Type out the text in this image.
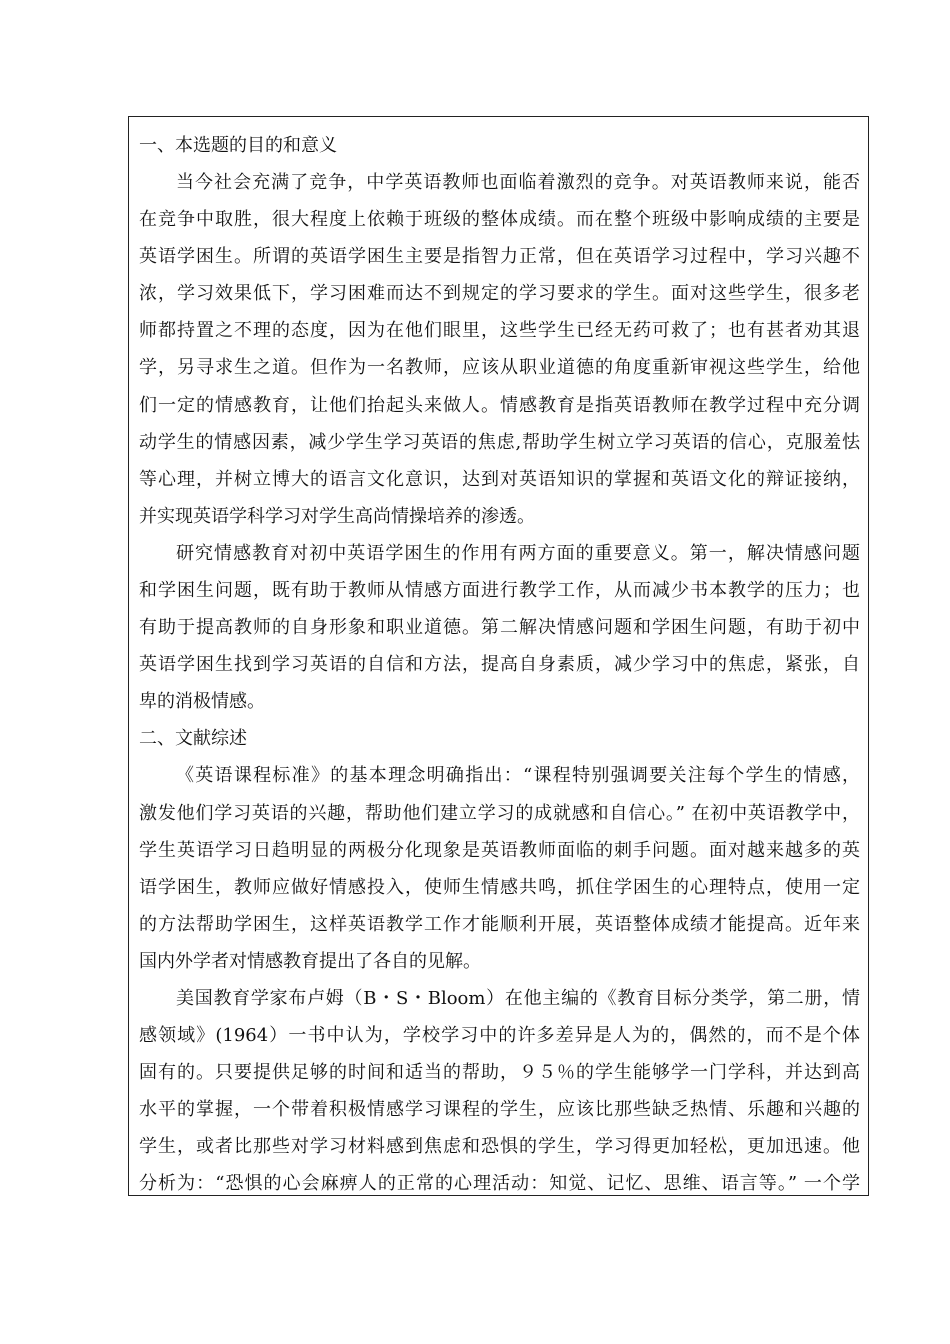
一、本选题的目的和意义
当今社会充满了竞争，中学英语教师也面临着激烈的竞争。对英语教师来说，能否
在竞争中取胜，很大程度上依赖于班级的整体成绩。而在整个班级中影响成绩的主要是
英语学困生。所谓的英语学困生主要是指智力正常，但在英语学习过程中，学习兴趣不
浓，学习效果低下，学习困难而达不到规定的学习要求的学生。面对这些学生，很多老
师都持置之不理的态度，因为在他们眼里，这些学生已经无药可救了；也有甚者劝其退
学，另寻求生之道。但作为一名教师，应该从职业道德的角度重新审视这些学生，给他
们一定的情感教育，让他们抬起头来做人。情感教育是指英语教师在教学过程中充分调
动学生的情感因素，减少学生学习英语的焦虑,帮助学生树立学习英语的信心，克服羞怯
等心理，并树立博大的语言文化意识，达到对英语知识的掌握和英语文化的辩证接纳，
并实现英语学科学习对学生高尚情操培养的渗透。
研究情感教育对初中英语学困生的作用有两方面的重要意义。第一，解决情感问题
和学困生问题，既有助于教师从情感方面进行教学工作，从而减少书本教学的压力；也
有助于提高教师的自身形象和职业道德。第二解决情感问题和学困生问题，有助于初中
英语学困生找到学习英语的自信和方法，提高自身素质，减少学习中的焦虑，紧张，自
卑的消极情感。
二、文献综述
《英语课程标准》的基本理念明确指出：“课程特别强调要关注每个学生的情感，
激发他们学习英语的兴趣，帮助他们建立学习的成就感和自信心。” 在初中英语教学中，
学生英语学习日趋明显的两极分化现象是英语教师面临的刺手问题。面对越来越多的英
语学困生，教师应做好情感投入，使师生情感共鸣，抓住学困生的心理特点，使用一定
的方法帮助学困生，这样英语教学工作才能顺利开展，英语整体成绩才能提高。近年来
国内外学者对情感教育提出了各自的见解。
美国教育学家布卢姆（B・S・Bloom）在他主编的《教育目标分类学，第二册，情
感领域》(1964）一书中认为，学校学习中的许多差异是人为的，偶然的，而不是个体
固有的。只要提供足够的时间和适当的帮助，９５％的学生能够学一门学科，并达到高
水平的掌握，一个带着积极情感学习课程的学生，应该比那些缺乏热情、乐趣和兴趣的
学生，或者比那些对学习材料感到焦虑和恐惧的学生，学习得更加轻松，更加迅速。他
分析为：“恐惧的心会麻痹人的正常的心理活动：知觉、记忆、思维、语言等。” 一个学
